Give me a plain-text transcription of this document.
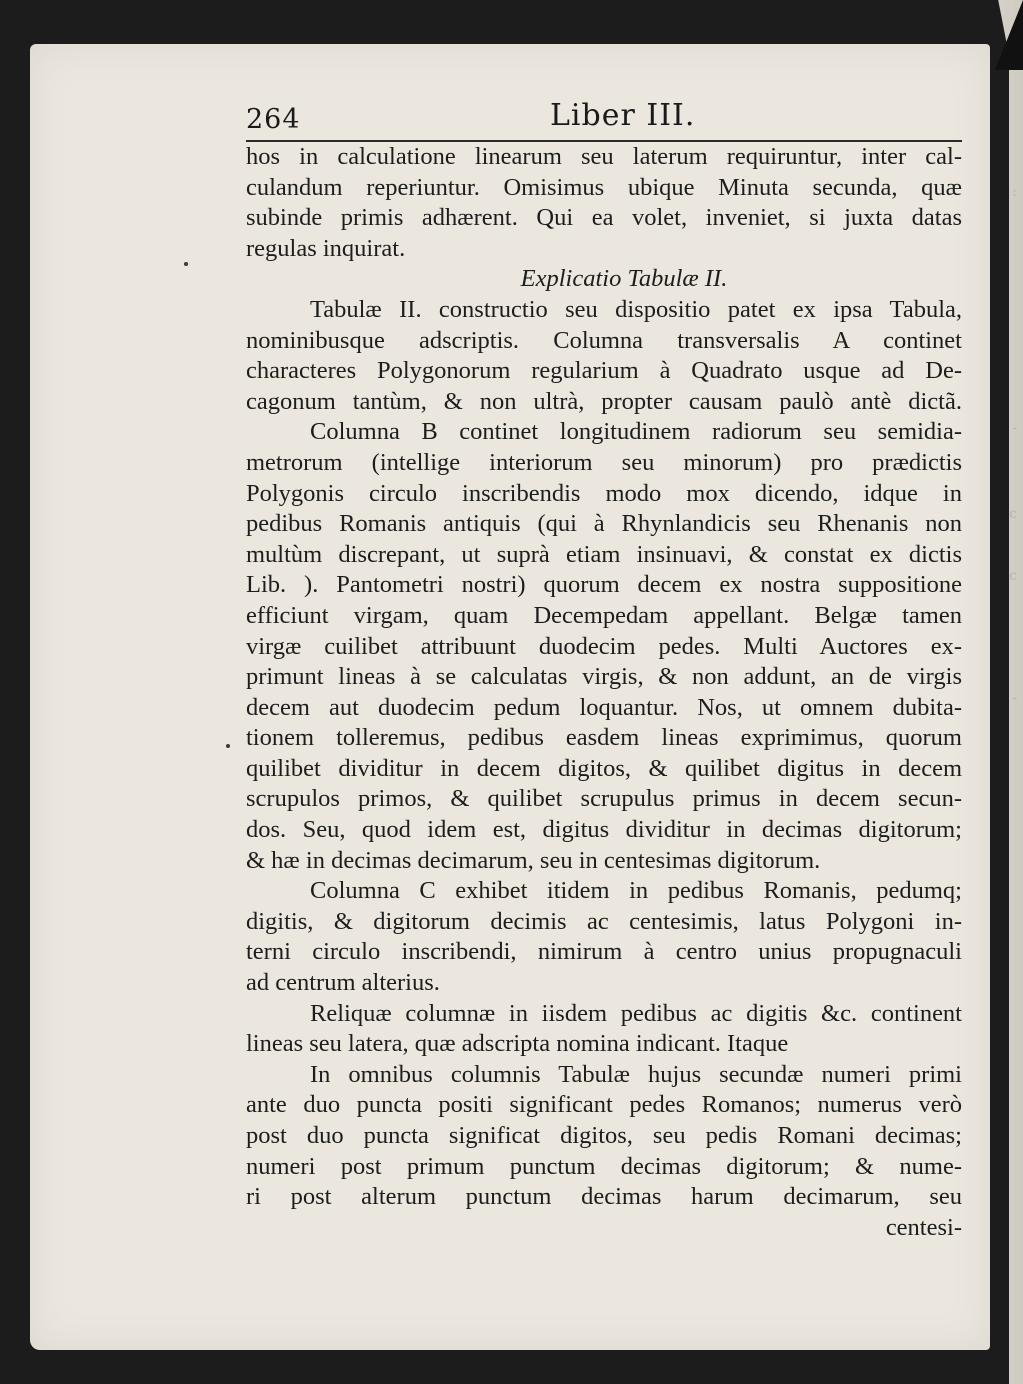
:
-
c
c
-
264	Liber III.
hos in calculatione linearum seu laterum requiruntur, inter cal-
culandum reperiuntur. Omisimus ubique Minuta secunda, quæ
subinde primis adhærent. Qui ea volet, inveniet, si juxta datas
regulas inquirat.
Explicatio Tabulæ II.
Tabulæ II. constructio seu dispositio patet ex ipsa Tabula,
nominibusque adscriptis. Columna transversalis A continet
characteres Polygonorum regularium à Quadrato usque ad De-
cagonum tantùm, & non ultrà, propter causam paulò antè dictã.
Columna B continet longitudinem radiorum seu semidia-
metrorum (intellige interiorum seu minorum) pro prædictis
Polygonis circulo inscribendis modo mox dicendo, idque in
pedibus Romanis antiquis (qui à Rhynlandicis seu Rhenanis non
multùm discrepant, ut suprà etiam insinuavi, & constat ex dictis
Lib. ). Pantometri nostri) quorum decem ex nostra suppositione
efficiunt virgam, quam Decempedam appellant. Belgæ tamen
virgæ cuilibet attribuunt duodecim pedes. Multi Auctores ex-
primunt lineas à se calculatas virgis, & non addunt, an de virgis
decem aut duodecim pedum loquantur. Nos, ut omnem dubita-
tionem tolleremus, pedibus easdem lineas exprimimus, quorum
quilibet dividitur in decem digitos, & quilibet digitus in decem
scrupulos primos, & quilibet scrupulus primus in decem secun-
dos. Seu, quod idem est, digitus dividitur in decimas digitorum;
& hæ in decimas decimarum, seu in centesimas digitorum.
Columna C exhibet itidem in pedibus Romanis, pedumq;
digitis, & digitorum decimis ac centesimis, latus Polygoni in-
terni circulo inscribendi, nimirum à centro unius propugnaculi
ad centrum alterius.
Reliquæ columnæ in iisdem pedibus ac digitis &c. continent
lineas seu latera, quæ adscripta nomina indicant. Itaque
In omnibus columnis Tabulæ hujus secundæ numeri primi
ante duo puncta positi significant pedes Romanos; numerus verò
post duo puncta significat digitos, seu pedis Romani decimas;
numeri post primum punctum decimas digitorum; & nume-
ri post alterum punctum decimas harum decimarum, seu
centesi-
